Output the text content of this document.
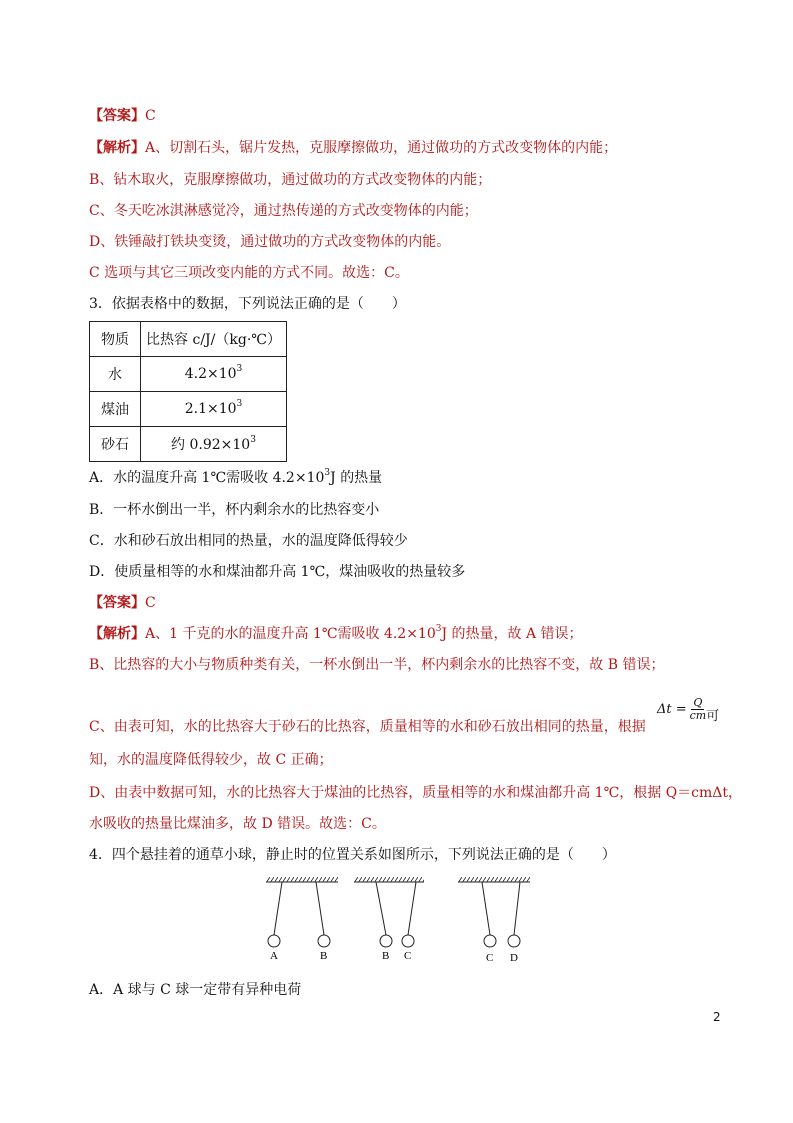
【答案】C
【解析】A、切割石头，锯片发热，克服摩擦做功，通过做功的方式改变物体的内能；
B、钻木取火，克服摩擦做功，通过做功的方式改变物体的内能；
C、冬天吃冰淇淋感觉冷，通过热传递的方式改变物体的内能；
D、铁锤敲打铁块变烫，通过做功的方式改变物体的内能。
C 选项与其它三项改变内能的方式不同。故选：C。
3．依据表格中的数据，下列说法正确的是（　　）
物质	比热容 c/J/（kg·℃）
水	$4.2\times 10^3$
煤油	$2.1\times 10^3$
砂石	约 $0.92\times 10^3$
A．水的温度升高 1℃需吸收 $4.2\times 10^3J$ 的热量
B．一杯水倒出一半，杯内剩余水的比热容变小
C．水和砂石放出相同的热量，水的温度降低得较少
D．使质量相等的水和煤油都升高 1℃，煤油吸收的热量较多
【答案】C
【解析】A、1 千克的水的温度升高 1℃需吸收 $4.2\times 10^3J$ 的热量，故 A 错误；
B、比热容的大小与物质种类有关，一杯水倒出一半，杯内剩余水的比热容不变，故 B 错误；
C、由表可知，水的比热容大于砂石的比热容，质量相等的水和砂石放出相同的热量，根据
$\Delta t = \frac{Q}{cm}$ 可
知，水的温度降低得较少，故 C 正确；
D、由表中数据可知，水的比热容大于煤油的比热容，质量相等的水和煤油都升高 1℃，根据 Q＝cmΔt，
水吸收的热量比煤油多，故 D 错误。故选：C。
4．四个悬挂着的通草小球，静止时的位置关系如图所示，下列说法正确的是（　　）
A	B	B C	C D
A．A 球与 C 球一定带有异种电荷
2
